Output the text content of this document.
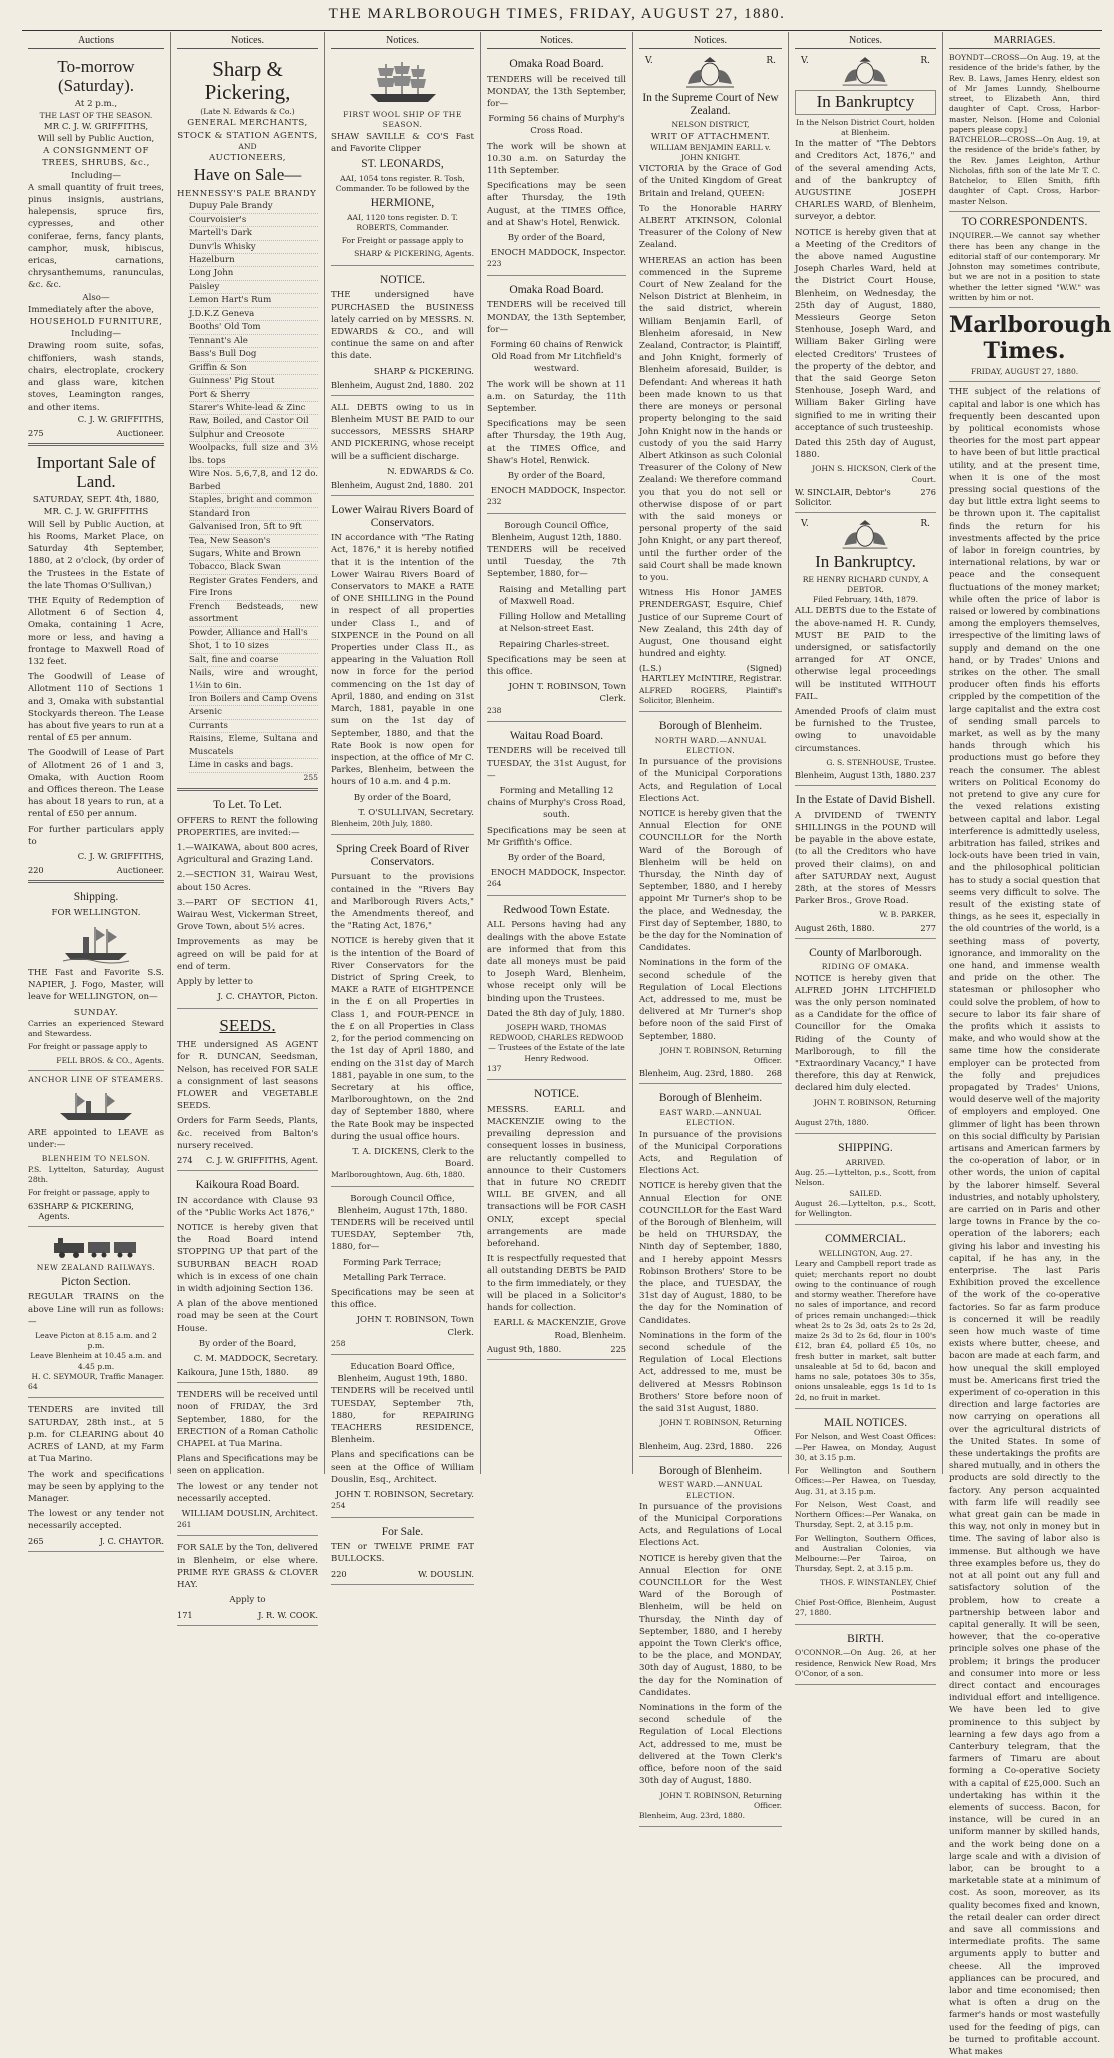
THE MARLBOROUGH TIMES, FRIDAY, AUGUST 27, 1880.
Auctions
To-morrow (Saturday).
At 2 p.m.,
THE LAST OF THE SEASON.
MR C. J. W. GRIFFITHS,
Will sell by Public Auction,
A CONSIGNMENT OF TREES, SHRUBS, &c.,
Including—
A small quantity of fruit trees, pinus insignis, austrians, halepensis, spruce firs, cypresses, and other coniferae, ferns, fancy plants, camphor, musk, hibiscus, ericas, carnations, chrysanthemums, ranunculas, &c. &c.
Also—
Immediately after the above,
HOUSEHOLD FURNITURE,
Including—
Drawing room suite, sofas, chiffoniers, wash stands, chairs, electroplate, crockery and glass ware, kitchen stoves, Leamington ranges, and other items.
C. J. W. GRIFFITHS,
275	Auctioneer.
Important Sale of Land.
SATURDAY, SEPT. 4th, 1880,
MR. C. J. W. GRIFFITHS

Will Sell by Public Auction, at his Rooms, Market Place, on Saturday 4th September, 1880, at 2 o'clock, (by order of the Trustees in the Estate of the late Thomas O'Sullivan,)

THE Equity of Redemption of Allotment 6 of Section 4, Omaka, containing 1 Acre, more or less, and having a frontage to Maxwell Road of 132 feet.

The Goodwill of Lease of Allotment 110 of Sections 1 and 3, Omaka with substantial Stockyards thereon. The Lease has about five years to run at a rental of £5 per annum.

The Goodwill of Lease of Part of Allotment 26 of 1 and 3, Omaka, with Auction Room and Offices thereon. The Lease has about 18 years to run, at a rental of £50 per annum.

For further particulars apply to

C. J. W. GRIFFITHS,
220	Auctioneer.
Shipping.
FOR WELLINGTON.

THE Fast and Favorite S.S. NAPIER, J. Fogo, Master, will leave for WELLINGTON, on—

SUNDAY.

Carries an experienced Steward and Stewardess.

For freight or passage apply to

FELL BROS. & CO., Agents.
ANCHOR LINE OF STEAMERS.

ARE appointed to LEAVE as under:—

BLENHEIM TO NELSON.

P.S. Lyttelton, Saturday, August 28th.

For freight or passage, apply to

63 SHARP & PICKERING, Agents.
NEW ZEALAND RAILWAYS.
Picton Section.

REGULAR TRAINS on the above Line will run as follows:—

Leave Picton at 8.15 a.m. and 2 p.m.
Leave Blenheim at 10.45 a.m. and 4.45 p.m.
H. C. SEYMOUR, Traffic Manager.
64

TENDERS are invited till SATURDAY, 28th inst., at 5 p.m. for CLEARING about 40 ACRES of LAND, at my Farm at Tua Marino.

The work and specifications may be seen by applying to the Manager.

The lowest or any tender not necessarily accepted.

265	J. C. CHAYTOR.
Notices.
Sharp & Pickering,
(Late N. Edwards & Co.)
GENERAL MERCHANTS,
STOCK & STATION AGENTS,
AND
AUCTIONEERS,
Have on Sale—
HENNESSY'S PALE BRANDY
Dupuy Pale Brandy
Courvoisier's
Martell's Dark
Dunv'ls Whisky
Hazelburn
Long John
Paisley
Lemon Hart's Rum
J.D.K.Z Geneva
Booths' Old Tom
Tennant's Ale
Bass's Bull Dog
Griffin & Son
Guinness' Pig Stout
Port & Sherry
Starer's White-lead & Zinc
Raw, Boiled, and Castor Oil
Sulphur and Creosote
Woolpacks, full size and 3½ lbs. tops
Wire Nos. 5,6,7,8, and 12 do. Barbed
Staples, bright and common
Standard Iron
Galvanised Iron, 5ft to 9ft
Tea, New Season's
Sugars, White and Brown
Tobacco, Black Swan
Register Grates Fenders, and Fire Irons
French Bedsteads, new assortment
Powder, Alliance and Hall's
Shot, 1 to 10 sizes
Salt, fine and coarse
Nails, wire and wrought, 1½in to 6in.
Iron Boilers and Camp Ovens
Arsenic
Currants
Raisins, Eleme, Sultana and Muscatels
Lime in casks and bags.
255
To Let. To Let.

OFFERS to RENT the following PROPERTIES, are invited:—

1.—WAIKAWA, about 800 acres, Agricultural and Grazing Land.

2.—SECTION 31, Wairau West, about 150 Acres.

3.—PART OF SECTION 41, Wairau West, Vickerman Street, Grove Town, about 5½ acres.

Improvements as may be agreed on will be paid for at end of term.

Apply by letter to

J. C. CHAYTOR, Picton.
SEEDS.

THE undersigned AS AGENT for R. DUNCAN, Seedsman, Nelson, has received FOR SALE a consignment of last seasons FLOWER and VEGETABLE SEEDS.

Orders for Farm Seeds, Plants, &c. received from Balton's nursery received.

274 C. J. W. GRIFFITHS, Agent.
Kaikoura Road Board.

IN accordance with Clause 93 of the "Public Works Act 1876,"

NOTICE is hereby given that the Road Board intend STOPPING UP that part of the SUBURBAN BEACH ROAD which is in excess of one chain in width adjoining Section 136.

A plan of the above mentioned road may be seen at the Court House.

By order of the Board,

C. M. MADDOCK, Secretary.
Kaikoura, June 15th, 1880. 89

TENDERS will be received until noon of FRIDAY, the 3rd September, 1880, for the ERECTION of a Roman Catholic CHAPEL at Tua Marina.

Plans and Specifications may be seen on application.

The lowest or any tender not necessarily accepted.

WILLIAM DOUSLIN, Architect.
261

FOR SALE by the Ton, delivered in Blenheim, or else where. PRIME RYE GRASS & CLOVER HAY.

Apply to

171	J. R. W. COOK.
Notices.
FIRST WOOL SHIP OF THE SEASON.

SHAW SAVILLE & CO'S Fast and Favorite Clipper

ST. LEONARDS,

AAI, 1054 tons register. R. Tosh, Commander. To be followed by the

HERMIONE,

AAI, 1120 tons register. D. T. ROBERTS, Commander.

For Freight or passage apply to

SHARP & PICKERING, Agents.
NOTICE.

THE undersigned have PURCHASED the BUSINESS lately carried on by MESSRS. N. EDWARDS & CO., and will continue the same on and after this date.

SHARP & PICKERING.
Blenheim, August 2nd, 1880. 202

ALL DEBTS owing to us in Blenheim MUST BE PAID to our successors, MESSRS SHARP AND PICKERING, whose receipt will be a sufficient discharge.

N. EDWARDS & Co.
Blenheim, August 2nd, 1880. 201
Lower Wairau Rivers Board of Conservators.

IN accordance with "The Rating Act, 1876," it is hereby notified that it is the intention of the Lower Wairau Rivers Board of Conservators to MAKE a RATE of ONE SHILLING in the Pound in respect of all properties under Class I., and of SIXPENCE in the Pound on all Properties under Class II., as appearing in the Valuation Roll now in force for the period commencing on the 1st day of April, 1880, and ending on 31st March, 1881, payable in one sum on the 1st day of September, 1880, and that the Rate Book is now open for inspection, at the office of Mr C. Parkes, Blenheim, between the hours of 10 a.m. and 4 p.m.

By order of the Board,

T. O'SULLIVAN, Secretary.
Blenheim, 20th July, 1880.
Spring Creek Board of River Conservators.

Pursuant to the provisions contained in the "Rivers Bay and Marlborough Rivers Acts," the Amendments thereof, and the "Rating Act, 1876,"

NOTICE is hereby given that it is the intention of the Board of River Conservators for the District of Spring Creek, to MAKE a RATE of EIGHTPENCE in the £ on all Properties in Class 1, and FOUR-PENCE in the £ on all Properties in Class 2, for the period commencing on the 1st day of April 1880, and ending on the 31st day of March 1881, payable in one sum, to the Secretary at his office, Marlboroughtown, on the 2nd day of September 1880, where the Rate Book may be inspected during the usual office hours.

T. A. DICKENS, Clerk to the Board.
Marlboroughtown, Aug. 6th, 1880.
Borough Council Office,
Blenheim, August 17th, 1880.

TENDERS will be received until TUESDAY, September 7th, 1880, for—

Forming Park Terrace;

Metalling Park Terrace.

Specifications may be seen at this office.

JOHN T. ROBINSON, Town Clerk.
258
Education Board Office,
Blenheim, August 19th, 1880.

TENDERS will be received until TUESDAY, September 7th, 1880, for REPAIRING TEACHERS RESIDENCE, Blenheim.

Plans and specifications can be seen at the Office of William Douslin, Esq., Architect.

JOHN T. ROBINSON, Secretary.
254
For Sale.

TEN or TWELVE PRIME FAT BULLOCKS.

220	W. DOUSLIN.
Notices.
Omaka Road Board.

TENDERS will be received till MONDAY, the 13th September, for—

Forming 56 chains of Murphy's Cross Road.

The work will be shown at 10.30 a.m. on Saturday the 11th September.

Specifications may be seen after Thursday, the 19th August, at the TIMES Office, and at Shaw's Hotel, Renwick.

By order of the Board,

ENOCH MADDOCK, Inspector.
223
Omaka Road Board.

TENDERS will be received till MONDAY, the 13th September, for—

Forming 60 chains of Renwick Old Road from Mr Litchfield's westward.

The work will be shown at 11 a.m. on Saturday, the 11th September.

Specifications may be seen after Thursday, the 19th Aug, at the TIMES Office, and Shaw's Hotel, Renwick.

By order of the Board,

ENOCH MADDOCK, Inspector.
232
Borough Council Office,
Blenheim, August 12th, 1880.

TENDERS will be received until Tuesday, the 7th September, 1880, for—

Raising and Metalling part of Maxwell Road.

Filling Hollow and Metalling at Nelson-street East.

Repairing Charles-street.

Specifications may be seen at this office.

JOHN T. ROBINSON, Town Clerk.
238
Waitau Road Board.

TENDERS will be received till TUESDAY, the 31st August, for—

Forming and Metalling 12 chains of Murphy's Cross Road, south.

Specifications may be seen at Mr Griffith's Office.

By order of the Board,

ENOCH MADDOCK, Inspector.
264
Redwood Town Estate.

ALL Persons having had any dealings with the above Estate are informed that from this date all moneys must be paid to Joseph Ward, Blenheim, whose receipt only will be binding upon the Trustees.

Dated the 8th day of July, 1880.

JOSEPH WARD, THOMAS REDWOOD, CHARLES REDWOOD — Trustees of the Estate of the late Henry Redwood.
137
NOTICE.

MESSRS. EARLL and MACKENZIE owing to the prevailing depression and consequent losses in business, are reluctantly compelled to announce to their Customers that in future NO CREDIT WILL BE GIVEN, and all transactions will be FOR CASH ONLY, except special arrangements are made beforehand.

It is respectfully requested that all outstanding DEBTS be PAID to the firm immediately, or they will be placed in a Solicitor's hands for collection.

EARLL & MACKENZIE, Grove Road, Blenheim.
August 9th, 1880.	225
Notices.
V.	R.
In the Supreme Court of New Zealand.
NELSON DISTRICT,
WRIT OF ATTACHMENT.
WILLIAM BENJAMIN EARLL v. JOHN KNIGHT.

VICTORIA by the Grace of God of the United Kingdom of Great Britain and Ireland, QUEEN:

To the Honorable HARRY ALBERT ATKINSON, Colonial Treasurer of the Colony of New Zealand.

WHEREAS an action has been commenced in the Supreme Court of New Zealand for the Nelson District at Blenheim, in the said district, wherein William Benjamin Earll, of Blenheim aforesaid, in New Zealand, Contractor, is Plaintiff, and John Knight, formerly of Blenheim aforesaid, Builder, is Defendant: And whereas it hath been made known to us that there are moneys or personal property belonging to the said John Knight now in the hands or custody of you the said Harry Albert Atkinson as such Colonial Treasurer of the Colony of New Zealand: We therefore command you that you do not sell or otherwise dispose of or part with the said moneys or personal property of the said John Knight, or any part thereof, until the further order of the said Court shall be made known to you.

Witness His Honor JAMES PRENDERGAST, Esquire, Chief Justice of our Supreme Court of New Zealand, this 24th day of August, One thousand eight hundred and eighty.

(L.S.)	(Signed)
HARTLEY McINTIRE, Registrar.
ALFRED ROGERS, Plaintiff's Solicitor, Blenheim.
Borough of Blenheim.
NORTH WARD.—ANNUAL ELECTION.

In pursuance of the provisions of the Municipal Corporations Acts, and Regulation of Local Elections Act.

NOTICE is hereby given that the Annual Election for ONE COUNCILLOR for the North Ward of the Borough of Blenheim will be held on Thursday, the Ninth day of September, 1880, and I hereby appoint Mr Turner's shop to be the place, and Wednesday, the First day of September, 1880, to be the day for the Nomination of Candidates.

Nominations in the form of the second schedule of the Regulation of Local Elections Act, addressed to me, must be delivered at Mr Turner's shop before noon of the said First of September, 1880.

JOHN T. ROBINSON, Returning Officer.
Blenheim, Aug. 23rd, 1880. 268
Borough of Blenheim.
EAST WARD.—ANNUAL ELECTION.

In pursuance of the provisions of the Municipal Corporations Acts, and Regulation of Elections Act.

NOTICE is hereby given that the Annual Election for ONE COUNCILLOR for the East Ward of the Borough of Blenheim, will be held on THURSDAY, the Ninth day of September, 1880, and I hereby appoint Messrs Robinson Brothers' Store to be the place, and TUESDAY, the 31st day of August, 1880, to be the day for the Nomination of Candidates.

Nominations in the form of the second schedule of the Regulation of Local Elections Act, addressed to me, must be delivered at Messrs Robinson Brothers' Store before noon of the said 31st August, 1880.

JOHN T. ROBINSON, Returning Officer.
Blenheim, Aug. 23rd, 1880. 226
Borough of Blenheim.
WEST WARD.—ANNUAL ELECTION.

In pursuance of the provisions of the Municipal Corporations Acts, and Regulations of Local Elections Act.

NOTICE is hereby given that the Annual Election for ONE COUNCILLOR for the West Ward of the Borough of Blenheim, will be held on Thursday, the Ninth day of September, 1880, and I hereby appoint the Town Clerk's office, to be the place, and MONDAY, 30th day of August, 1880, to be the day for the Nomination of Candidates.

Nominations in the form of the second schedule of the Regulation of Local Elections Act, addressed to me, must be delivered at the Town Clerk's office, before noon of the said 30th day of August, 1880.

JOHN T. ROBINSON, Returning Officer.
Blenheim, Aug. 23rd, 1880.
Notices.
V.	R.
In Bankruptcy
In the Nelson District Court, holden at Blenheim.

In the matter of "The Debtors and Creditors Act, 1876," and of the several amending Acts, and of the bankruptcy of AUGUSTINE JOSEPH CHARLES WARD, of Blenheim, surveyor, a debtor.

NOTICE is hereby given that at a Meeting of the Creditors of the above named Augustine Joseph Charles Ward, held at the District Court House, Blenheim, on Wednesday, the 25th day of August, 1880, Messieurs George Seton Stenhouse, Joseph Ward, and William Baker Girling were elected Creditors' Trustees of the property of the debtor, and that the said George Seton Stenhouse, Joseph Ward, and William Baker Girling have signified to me in writing their acceptance of such trusteeship.

Dated this 25th day of August, 1880.

JOHN S. HICKSON, Clerk of the Court.
W. SINCLAIR, Debtor's Solicitor.
276
V.	R.
In Bankruptcy.
RE HENRY RICHARD CUNDY, A DEBTOR.
Filed February, 14th, 1879.

ALL DEBTS due to the Estate of the above-named H. R. Cundy, MUST BE PAID to the undersigned, or satisfactorily arranged for AT ONCE, otherwise legal proceedings will be instituted WITHOUT FAIL.

Amended Proofs of claim must be furnished to the Trustee, owing to unavoidable circumstances.

G. S. STENHOUSE, Trustee.
Blenheim, August 13th, 1880. 237
In the Estate of David Bishell.

A DIVIDEND of TWENTY SHILLINGS in the POUND will be payable in the above estate, (to all the Creditors who have proved their claims), on and after SATURDAY next, August 28th, at the stores of Messrs Parker Bros., Grove Road.

W. B. PARKER,
August 26th, 1880.	277
County of Marlborough.
RIDING OF OMAKA.

NOTICE is hereby given that ALFRED JOHN LITCHFIELD was the only person nominated as a Candidate for the office of Councillor for the Omaka Riding of the County of Marlborough, to fill the "Extraordinary Vacancy," I have therefore, this day at Renwick, declared him duly elected.

JOHN T. ROBINSON, Returning Officer.
August 27th, 1880.
SHIPPING.
ARRIVED.
Aug. 25.—Lyttelton, p.s., Scott, from Nelson.
SAILED.
August 26.—Lyttelton, p.s., Scott, for Wellington.
COMMERCIAL.
WELLINGTON, Aug. 27.
Leary and Campbell report trade as quiet; merchants report no doubt owing to the continuance of rough and stormy weather. Therefore have no sales of importance, and record of prices remain unchanged:—thick wheat 2s to 2s 3d, oats 2s to 2s 2d, maize 2s 3d to 2s 6d, flour in 100's £12, bran £4, pollard £5 10s, no fresh butter in market, salt butter unsaleable at 5d to 6d, bacon and hams no sale, potatoes 30s to 35s, onions unsaleable, eggs 1s 1d to 1s 2d, no fruit in market.
MAIL NOTICES.

For Nelson, and West Coast Offices:—Per Hawea, on Monday, August 30, at 3.15 p.m.

For Wellington and Southern Offices:—Per Hawea, on Tuesday, Aug. 31, at 3.15 p.m.

For Nelson, West Coast, and Northern Offices:—Per Wanaka, on Thursday, Sept. 2, at 3.15 p.m.

For Wellington, Southern Offices, and Australian Colonies, via Melbourne:—Per Tairoa, on Thursday, Sept. 2, at 3.15 p.m.

THOS. F. WINSTANLEY, Chief Postmaster.
Chief Post-Office, Blenheim, August 27, 1880.
BIRTH.
O'CONNOR.—On Aug. 26, at her residence, Renwick New Road, Mrs O'Conor, of a son.
MARRIAGES.
BOYNDT—CROSS—On Aug. 19, at the residence of the bride's father, by the Rev. B. Laws, James Henry, eldest son of Mr James Lunndy, Shelbourne street, to Elizabeth Ann, third daughter of Capt. Cross, Harbor-master, Nelson. [Home and Colonial papers please copy.]
BATCHELOR—CROSS—On Aug. 19, at the residence of the bride's father, by the Rev. James Leighton, Arthur Nicholas, fifth son of the late Mr T. C. Batchelor, to Ellen Smith, fifth daughter of Capt. Cross, Harbor-master Nelson.
TO CORRESPONDENTS.
INQUIRER.—We cannot say whether there has been any change in the editorial staff of our contemporary. Mr Johnston may sometimes contribute, but we are not in a position to state whether the letter signed "W.W." was written by him or not.
Marlborough Times.
FRIDAY, AUGUST 27, 1880.
THE subject of the relations of capital and labor is one which has frequently been descanted upon by political economists whose theories for the most part appear to have been of but little practical utility, and at the present time, when it is one of the most pressing social questions of the day but little extra light seems to be thrown upon it. The capitalist finds the return for his investments affected by the price of labor in foreign countries, by international relations, by war or peace and the consequent fluctuations of the money market; while often the price of labor is raised or lowered by combinations among the employers themselves, irrespective of the limiting laws of supply and demand on the one hand, or by Trades' Unions and strikes on the other. The small producer often finds his efforts crippled by the competition of the large capitalist and the extra cost of sending small parcels to market, as well as by the many hands through which his productions must go before they reach the consumer. The ablest writers on Political Economy do not pretend to give any cure for the vexed relations existing between capital and labor. Legal interference is admittedly useless, arbitration has failed, strikes and lock-outs have been tried in vain, and the philosophical politician has to study a social question that seems very difficult to solve. The result of the existing state of things, as he sees it, especially in the old countries of the world, is a seething mass of poverty, ignorance, and immorality on the one hand, and immense wealth and pride on the other. The statesman or philosopher who could solve the problem, of how to secure to labor its fair share of the profits which it assists to make, and who would show at the same time how the considerate employer can be protected from the folly and prejudices propagated by Trades' Unions, would deserve well of the majority of employers and employed. One glimmer of light has been thrown on this social difficulty by Parisian artisans and American farmers by the co-operation of labor, or in other words, the union of capital by the laborer himself. Several industries, and notably upholstery, are carried on in Paris and other large towns in France by the co-operation of the laborers; each giving his labor and investing his capital, if he has any, in the enterprise. The last Paris Exhibition proved the excellence of the work of the co-operative factories. So far as farm produce is concerned it will be readily seen how much waste of time exists where butter, cheese, and bacon are made at each farm, and how unequal the skill employed must be. Americans first tried the experiment of co-operation in this direction and large factories are now carrying on operations all over the agricultural districts of the United States. In some of these undertakings the profits are shared mutually, and in others the products are sold directly to the factory. Any person acquainted with farm life will readily see what great gain can be made in this way, not only in money but in time. The saving of labor also is immense. But although we have three examples before us, they do not at all point out any full and satisfactory solution of the problem, how to create a partnership between labor and capital generally. It will be seen, however, that the co-operative principle solves one phase of the problem; it brings the producer and consumer into more or less direct contact and encourages individual effort and intelligence. We have been led to give prominence to this subject by learning a few days ago from a Canterbury telegram, that the farmers of Timaru are about forming a Co-operative Society with a capital of £25,000. Such an undertaking has within it the elements of success. Bacon, for instance, will be cured in an uniform manner by skilled hands, and the work being done on a large scale and with a division of labor, can be brought to a marketable state at a minimum of cost. As soon, moreover, as its quality becomes fixed and known, the retail dealer can order direct and save all commissions and intermediate profits. The same arguments apply to butter and cheese. All the improved appliances can be procured, and labor and time economised; then what is often a drug on the farmer's hands or most wastefully used for the feeding of pigs, can be turned to profitable account. What makes
